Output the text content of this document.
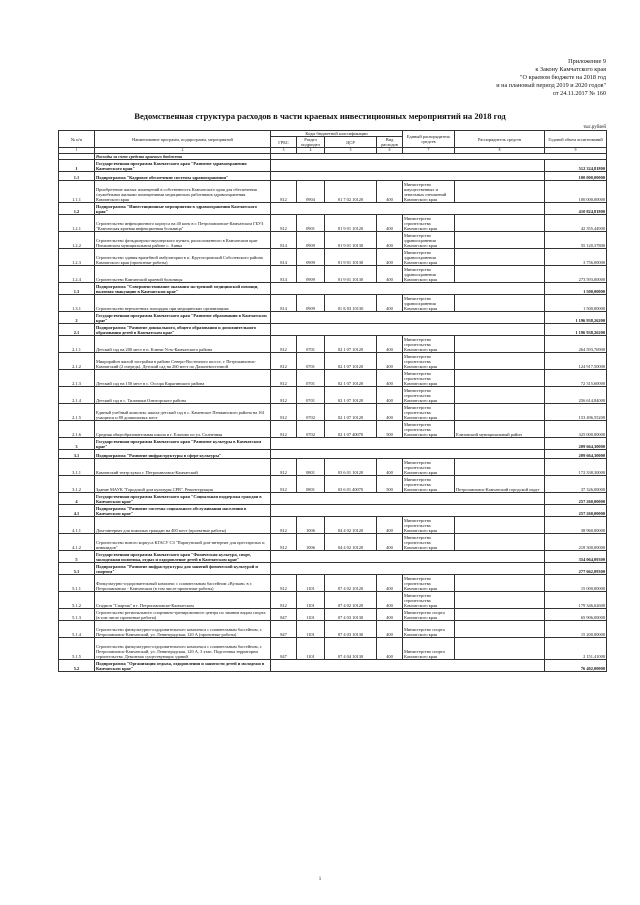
Приложение 9
к Закону Камчатского края
"О краевом бюджете на 2018 год
и на плановый период 2019 и 2020 годов"
от 24.11.2017 № 160
Ведомственная структура расходов в части краевых инвестиционных мероприятий на 2018 год
тыс.рублей
№ п/п	Наименование программ, подпрограмм, мероприятий	Коды бюджетной классификации				Единый распорядитель средств	Распорядитель средств	Годовой объем ассигнований
		ГРБС	Раздел подраздел	ЦСР	Вид расходов			
1	2	3	4	5	6	7	8	9
	Расходы за счет средств краевого бюджета							
1	Государственная программа Камчатского края "Развитие здравоохранения Камчатского края"							512 324,81800
1.1	Подпрограмма "Кадровое обеспечение системы здравоохранения"							100 000,00000
1.1.1	Приобретение жилых помещений в собственность Камчатского края для обеспечения служебными жилыми помещениями медицинских работников здравоохранения Камчатского края	812	0904	01 7 02 10120	400	Министерство имущественных и земельных отношений Камчатского края		100 000,00000
1.2	Подпрограмма "Инвестиционные мероприятия в здравоохранении Камчатского края"							410 824,81800
1.2.1	Строительство инфекционного корпуса на 40 коек в г. Петропавловске-Камчатском ГБУЗ "Камчатская краевая инфекционная больница"	812	0901	01 9 01 10120	400	Министерство строительства Камчатского края		42 355,44900
1.2.2	Строительство фельдшерско-акушерского пункта, расположенного в Камчатском крае Пенжинском муниципальном районе с. Аянка	814	0909	01 9 01 10130	400	Министерство здравоохранения Камчатского края		55 120,37800
1.2.3	Строительство здания врачебной амбулатории в п. Крутогоровский Соболевского района Камчатского края (проектные работы)	814	0909	01 9 01 10130	400	Министерство здравоохранения Камчатского края		3 756,00000
1.2.4	Строительство Камчатской краевой больницы	814	0909	01 9 01 10130	400	Министерство здравоохранения Камчатского края		273 593,00000
1.3	Подпрограмма "Совершенствование оказания экстренной медицинской помощи, включая эвакуацию в Камчатском крае"							1 500,00000
1.3.1	Строительство вертолетных площадок при медицинских организациях	814	0909	01 Б 03 10130	400	Министерство здравоохранения Камчатского края		1 500,00000
2	Государственная программа Камчатского края "Развитие образования в Камчатском крае"							1 196 938,26200
2.1	Подпрограмма "Развитие дошкольного, общего образования и дополнительного образования детей в Камчатском крае"							1 196 938,26200
2.1.1	Детский сад на 200 мест в п. Ключи Усть-Камчатского района	812	0701	02 1 07 10120	400	Министерство строительства Камчатского края		264 593,76900
2.1.2	Микрорайон жилой застройки в районе Северо-Восточного шоссе, г. Петропавловск-Камчатский (2 очередь). Детский сад на 260 мест по Дальневосточной	812	0701	02 1 07 10120	400	Министерство строительства Камчатского края		124 917,50000
2.1.3	Детский сад на 150 мест в с. Оссора Карагинского района	812	0701	02 1 07 10120	400	Министерство строительства Камчатского края		72 315,60000
2.1.4	Детский сад в с. Тиличики Олюторского района	812	0701	02 1 07 10120	400	Министерство строительства Камчатского края		256 614,84000
2.1.5	Единый учебный комплекс школа-детский сад в с. Каменское Пенжинского района на 161 учащихся и 80 дошкольных мест	812	0702	02 1 07 10120	400	Министерство строительства Камчатского края		153 496,55200
2.1.6	Средняя общеобразовательная школа в г. Елизово по ул. Солнечная	812	0702	02 1 07 40070	500	Министерство строительства Камчатского края	Елизовский муниципальный район	325 000,00000
3	Государственная программа Камчатского края "Развитие культуры в Камчатском крае"							209 664,30000
3.1	Подпрограмма "Развитие инфраструктуры в сфере культуры"							209 664,30000
3.1.1	Камчатский театр кукол г. Петропавловск-Камчатский	812	0801	03 6 01 10120	400	Министерство строительства Камчатского края		172 338,30000
3.1.2	Здание МАУК "Городской дом культуры СРВ". Реконструкция	812	0801	03 6 01 40070	500	Министерство строительства Камчатского края	Петропавловск-Камчатский городской округ	37 326,00000
4	Государственная программа Камчатского края "Социальная поддержка граждан в Камчатском крае"							257 260,00000
4.1	Подпрограмма "Развитие системы социального обслуживания населения в Камчатском крае"							257 260,00000
4.1.1	Дом-интернат для пожилых граждан на 400 мест (проектные работы)	812	1006	04 4 02 10120	400	Министерство строительства Камчатского края		38 960,00000
4.1.2	Строительство нового корпуса КГАСУ СЗ "Паратунский дом-интернат для престарелых и инвалидов"	812	1006	04 4 02 10120	400	Министерство строительства Камчатского края		218 300,00000
5	Государственная программа Камчатского края "Физическая культура, спорт, молодежная политика, отдых и оздоровление детей в Камчатском крае"							354 064,09300
5.1	Подпрограмма "Развитие инфраструктуры для занятий физической культурой и спортом"							277 662,09300
5.1.1	Физкультурно-оздоровительный комплекс с плавательным бассейном «Вулкан» в г. Петропавловске - Камчатском (в том числе проектные работы)	812	1101	07 4 02 10120	400	Министерство строительства Камчатского края		15 000,00000
5.1.2	Стадион "Спартак" в г. Петропавловске-Камчатском	812	1101	07 4 02 10120	400	Министерство строительства Камчатского края		179 346,62600
5.1.3	Строительство регионального спортивно-тренировочного центра по зимним видам спорта (в том числе проектные работы)	847	1101	07 4 03 10130	400	Министерство спорта Камчатского края		65 906,00000
5.1.4	Строительство физкультурно-оздоровительного комплекса с плавательным бассейном, г. Петропавловск-Камчатский, ул. Ленинградская, 120 А (проектные работы)	847	1101	07 4 03 10130	400	Министерство спорта Камчатского края		15 200,00000
5.1.5	Строительство физкультурно-оздоровительного комплекса с плавательным бассейном, г. Петропавловск-Камчатский, ул. Ленинградская, 120 А, 3 этап. Подготовка территории строительства. Демонтаж существующих зданий	847	1101	07 4 04 10130	400	Министерство спорта Камчатского края		2 151,41000
5.2	Подпрограмма "Организация отдыха, оздоровления и занятости детей и молодежи в Камчатском крае"							76 402,00000
1
